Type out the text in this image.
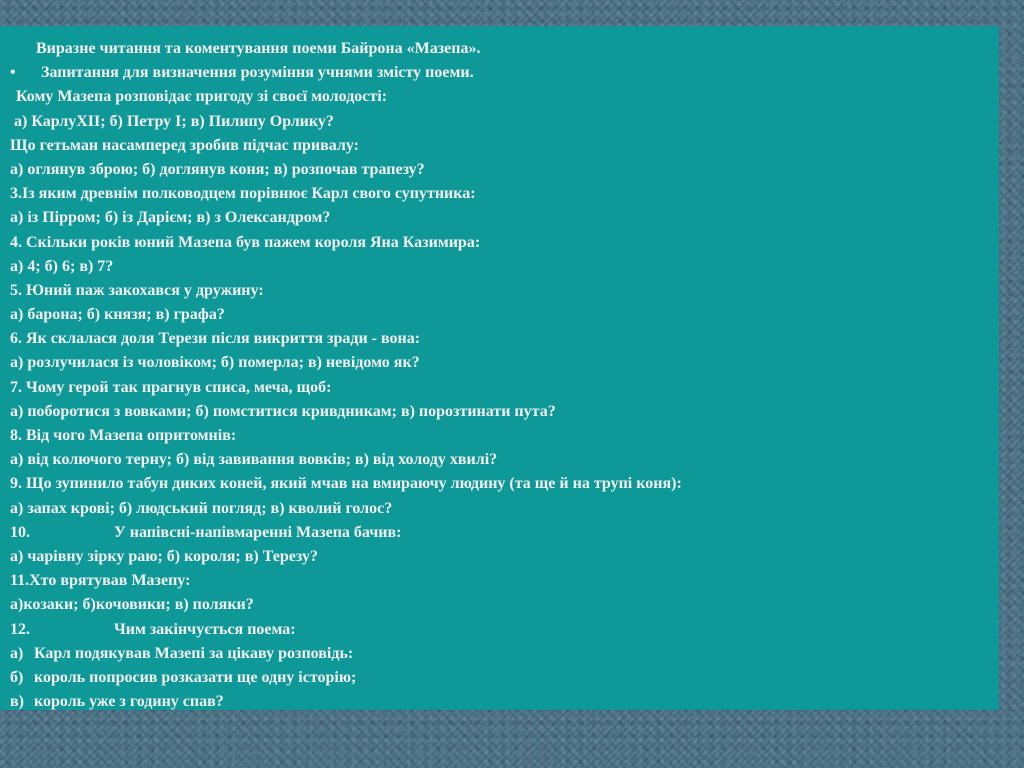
Виразне читання та коментування поеми Байрона «Мазепа».
• Запитання для визначення розуміння учнями змісту поеми.
Кому Мазепа розповідає пригоду зі своєї молодості:
а) КарлуXII; б) Петру І; в) Пилипу Орлику?
Що гетьман насамперед зробив підчас привалу:
а) оглянув зброю; б) доглянув коня; в) розпочав трапезу?
3.Із яким древнім полководцем порівнює Карл свого супутника:
а) із Пірром; б) із Дарієм; в) з Олександром?
4. Скільки років юний Мазепа був пажем короля Яна Казимира:
а) 4; б) 6; в) 7?
5. Юний паж закохався у дружину:
а) барона; б) князя; в) графа?
6. Як склалася доля Терези після викриття зради - вона:
а) розлучилася із чоловіком; б) померла; в) невідомо як?
7. Чому герой так прагнув списа, меча, щоб:
а) поборотися з вовками; б) помститися кривдникам; в) порозтинати пута?
8. Від чого Мазепа опритомнів:
а) від колючого терну; б) від завивання вовків; в) від холоду хвилі?
9. Що зупинило табун диких коней, який мчав на вмираючу людину (та ще й на трупі коня):
а) запах крові; б) людський погляд; в) кволий голос?
10.	У напівсні-напівмаренні Мазепа бачив:
а) чарівну зірку раю; б) короля; в) Терезу?
11.Хто врятував Мазепу:
а)козаки; б)кочовики; в) поляки?
12.	Чим закінчується поема:
а) Карл подякував Мазепі за цікаву розповідь:
б) король попросив розказати ще одну історію;
в) король уже з годину спав?
